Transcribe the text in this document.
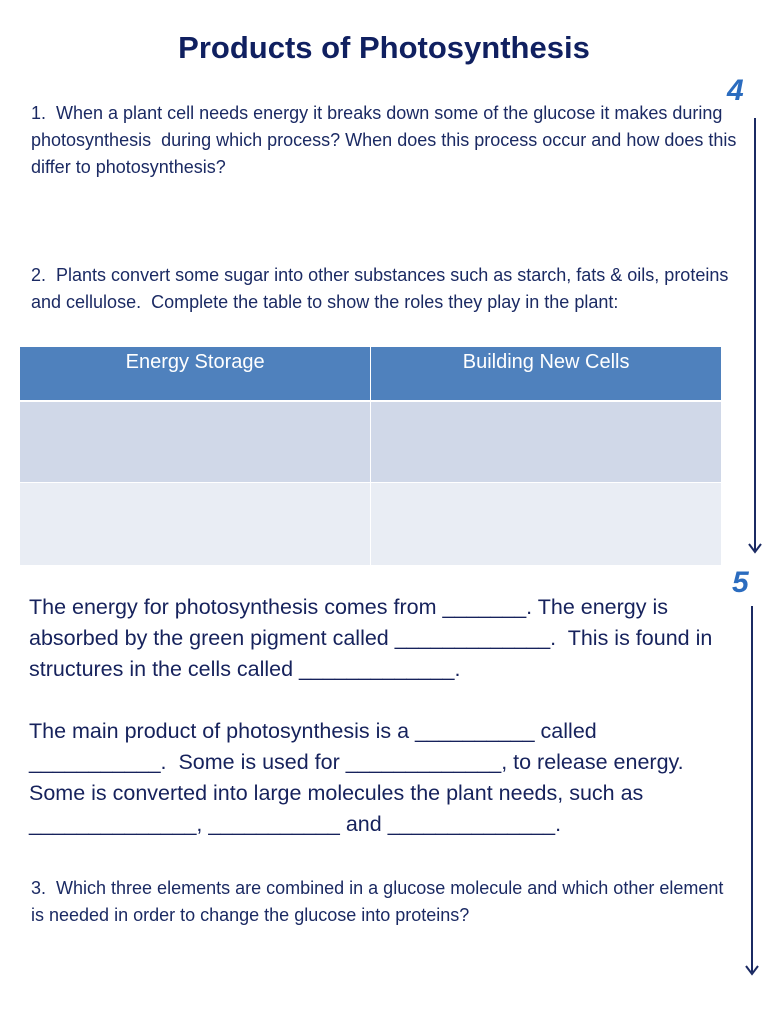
Products of Photosynthesis
4
1.  When a plant cell needs energy it breaks down some of the glucose it makes during photosynthesis  during which process? When does this process occur and how does this differ to photosynthesis?
2.  Plants convert some sugar into other substances such as starch, fats & oils, proteins and cellulose.  Complete the table to show the roles they play in the plant:
Energy Storage	Building New Cells

5
The energy for photosynthesis comes from _______. The energy is absorbed by the green pigment called _____________.  This is found in structures in the cells called _____________.
The main product of photosynthesis is a __________ called ___________.  Some is used for _____________, to release energy. Some is converted into large molecules the plant needs, such as ______________, ___________ and ______________.
3.  Which three elements are combined in a glucose molecule and which other element is needed in order to change the glucose into proteins?
